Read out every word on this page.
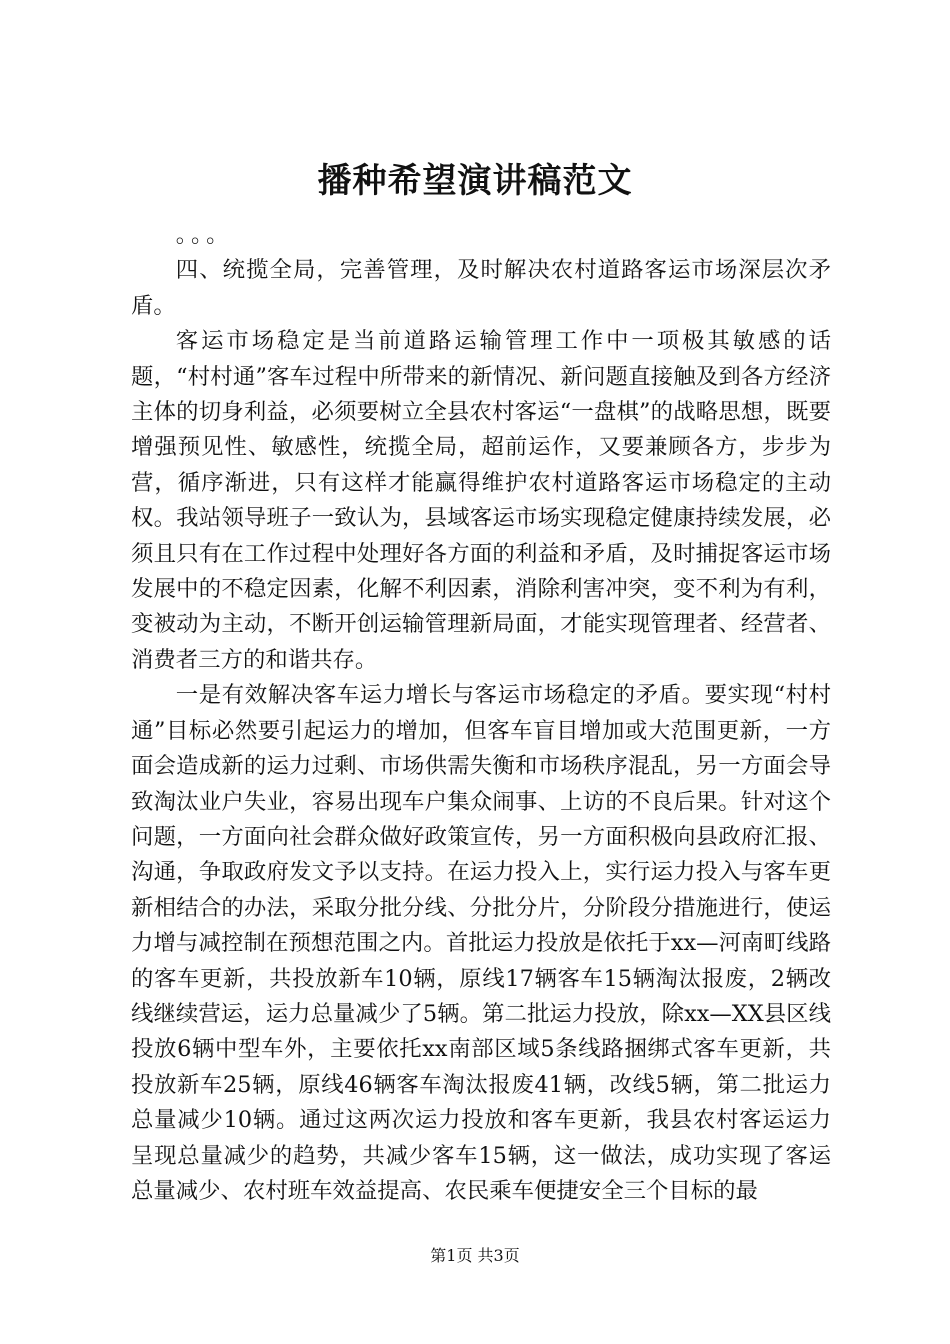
播种希望演讲稿范文

。。。

四、统揽全局，完善管理，及时解决农村道路客运市场深层次矛盾。

客运市场稳定是当前道路运输管理工作中一项极其敏感的话题，“村村通”客车过程中所带来的新情况、新问题直接触及到各方经济主体的切身利益，必须要树立全县农村客运“一盘棋”的战略思想，既要增强预见性、敏感性，统揽全局，超前运作，又要兼顾各方，步步为营，循序渐进，只有这样才能赢得维护农村道路客运市场稳定的主动权。我站领导班子一致认为，县域客运市场实现稳定健康持续发展，必须且只有在工作过程中处理好各方面的利益和矛盾，及时捕捉客运市场发展中的不稳定因素，化解不利因素，消除利害冲突，变不利为有利，变被动为主动，不断开创运输管理新局面，才能实现管理者、经营者、消费者三方的和谐共存。

一是有效解决客车运力增长与客运市场稳定的矛盾。要实现“村村通”目标必然要引起运力的增加，但客车盲目增加或大范围更新，一方面会造成新的运力过剩、市场供需失衡和市场秩序混乱，另一方面会导致淘汰业户失业，容易出现车户集众闹事、上访的不良后果。针对这个问题，一方面向社会群众做好政策宣传，另一方面积极向县政府汇报、沟通，争取政府发文予以支持。在运力投入上，实行运力投入与客车更新相结合的办法，采取分批分线、分批分片，分阶段分措施进行，使运力增与减控制在预想范围之内。首批运力投放是依托于xx—河南町线路的客车更新，共投放新车10辆，原线17辆客车15辆淘汰报废，2辆改线继续营运，运力总量减少了5辆。第二批运力投放，除xx—XX县区线投放6辆中型车外，主要依托xx南部区域5条线路捆绑式客车更新，共投放新车25辆，原线46辆客车淘汰报废41辆，改线5辆，第二批运力总量减少10辆。通过这两次运力投放和客车更新，我县农村客运运力呈现总量减少的趋势，共减少客车15辆，这一做法，成功实现了客运总量减少、农村班车效益提高、农民乘车便捷安全三个目标的最

第1页 共3页
